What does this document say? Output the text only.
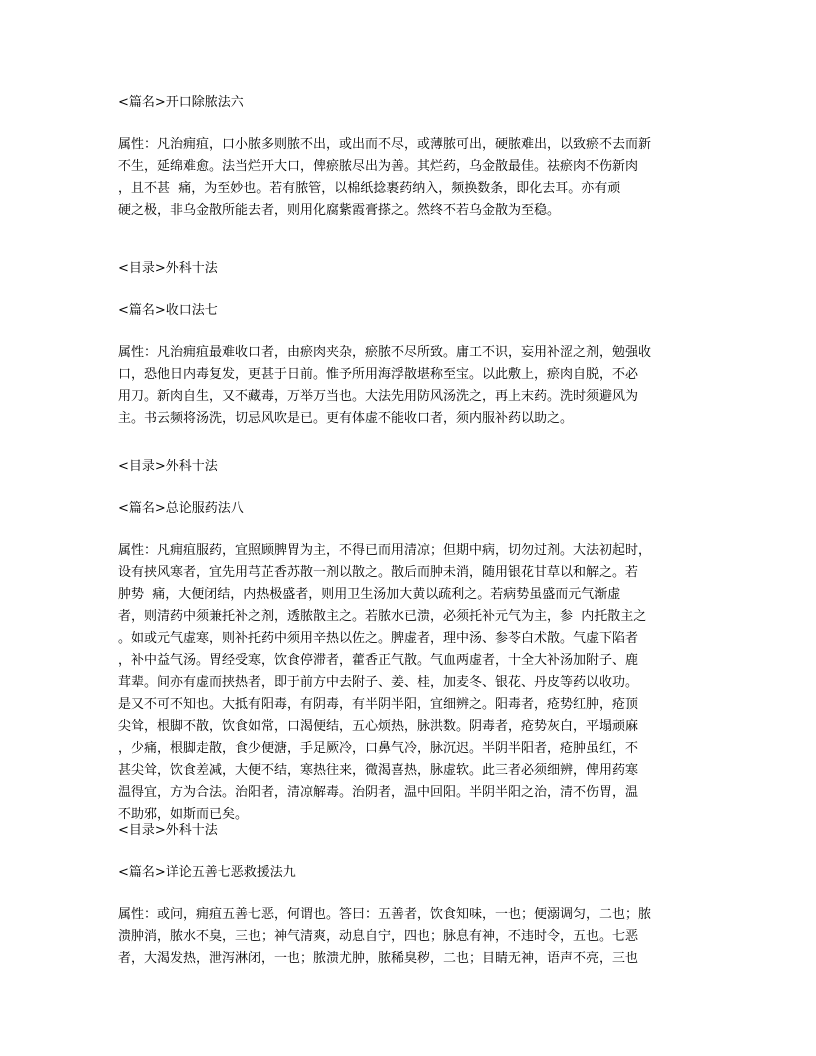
<篇名>开口除脓法六

属性：凡治痈疽，口小脓多则脓不出，或出而不尽，或薄脓可出，硬脓难出，以致瘀不去而新

不生，延绵难愈。法当烂开大口，俾瘀脓尽出为善。其烂药，乌金散最佳。祛瘀肉不伤新肉

，且不甚  痛，为至妙也。若有脓管，以棉纸捻裹药纳入，频换数条，即化去耳。亦有顽

硬之极，非乌金散所能去者，则用化腐紫霞膏搽之。然终不若乌金散为至稳。

<目录>外科十法

<篇名>收口法七

属性：凡治痈疽最难收口者，由瘀肉夹杂，瘀脓不尽所致。庸工不识，妄用补涩之剂，勉强收

口，恐他日内毒复发，更甚于日前。惟予所用海浮散堪称至宝。以此敷上，瘀肉自脱，不必

用刀。新肉自生，又不藏毒，万举万当也。大法先用防风汤洗之，再上末药。洗时须避风为

主。书云频将汤洗，切忌风吹是已。更有体虚不能收口者，须内服补药以助之。

<目录>外科十法

<篇名>总论服药法八

属性：凡痈疽服药，宜照顾脾胃为主，不得已而用清凉；但期中病，切勿过剂。大法初起时，

设有挟风寒者，宜先用芎芷香苏散一剂以散之。散后而肿未消，随用银花甘草以和解之。若

肿势  痛，大便闭结，内热极盛者，则用卫生汤加大黄以疏利之。若病势虽盛而元气渐虚

者，则清药中须兼托补之剂，透脓散主之。若脓水已溃，必须托补元气为主，参  内托散主之

。如或元气虚寒，则补托药中须用辛热以佐之。脾虚者，理中汤、参苓白术散。气虚下陷者

，补中益气汤。胃经受寒，饮食停滞者，藿香正气散。气血两虚者，十全大补汤加附子、鹿

茸辈。间亦有虚而挟热者，即于前方中去附子、姜、桂，加麦冬、银花、丹皮等药以收功。

是又不可不知也。大抵有阳毒，有阴毒，有半阴半阳，宜细辨之。阳毒者，疮势红肿，疮顶

尖耸，根脚不散，饮食如常，口渴便结，五心烦热，脉洪数。阴毒者，疮势灰白，平塌顽麻

，少痛，根脚走散，食少便溏，手足厥冷，口鼻气冷，脉沉迟。半阴半阳者，疮肿虽红，不

甚尖耸，饮食差减，大便不结，寒热往来，微渴喜热，脉虚软。此三者必须细辨，俾用药寒

温得宜，方为合法。治阳者，清凉解毒。治阴者，温中回阳。半阴半阳之治，清不伤胃，温

不助邪，如斯而已矣。

<目录>外科十法

<篇名>详论五善七恶救援法九

属性：或问，痈疽五善七恶，何谓也。答曰：五善者，饮食知味，一也；便溺调匀，二也；脓

溃肿消，脓水不臭，三也；神气清爽，动息自宁，四也；脉息有神，不违时令，五也。七恶

者，大渴发热，泄泻淋闭，一也；脓溃尤肿，脓稀臭秽，二也；目睛无神，语声不亮，三也
